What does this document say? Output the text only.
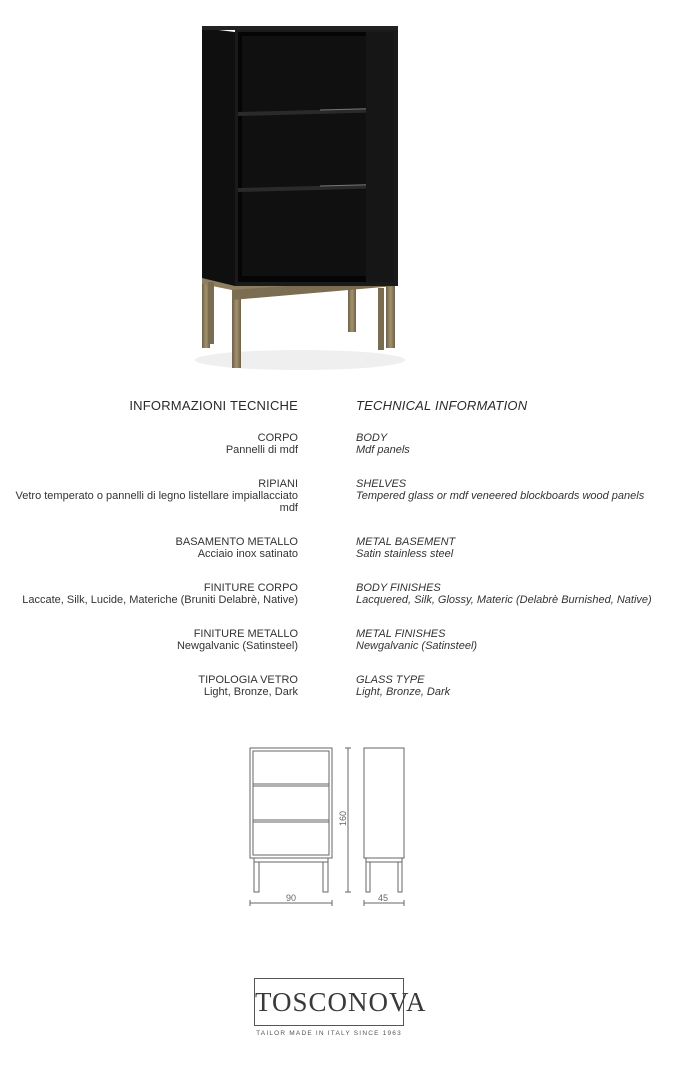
INFORMAZIONI TECNICHE	TECHNICAL INFORMATION
CORPO
Pannelli di mdf
BODY
Mdf panels
RIPIANI
Vetro temperato o pannelli di legno listellare impiallacciato mdf
SHELVES
Tempered glass or mdf veneered blockboards wood panels
BASAMENTO METALLO
Acciaio inox satinato
METAL BASEMENT
Satin stainless steel
FINITURE CORPO
Laccate, Silk, Lucide, Materiche (Bruniti Delabrè, Native)
BODY FINISHES
Lacquered, Silk, Glossy, Materic (Delabrè Burnished, Native)
FINITURE METALLO
Newgalvanic (Satinsteel)
METAL FINISHES
Newgalvanic (Satinsteel)
TIPOLOGIA VETRO
Light, Bronze, Dark
GLASS TYPE
Light, Bronze, Dark
90	45
160
TOSCONOVA
TAILOR MADE IN ITALY SINCE 1963
